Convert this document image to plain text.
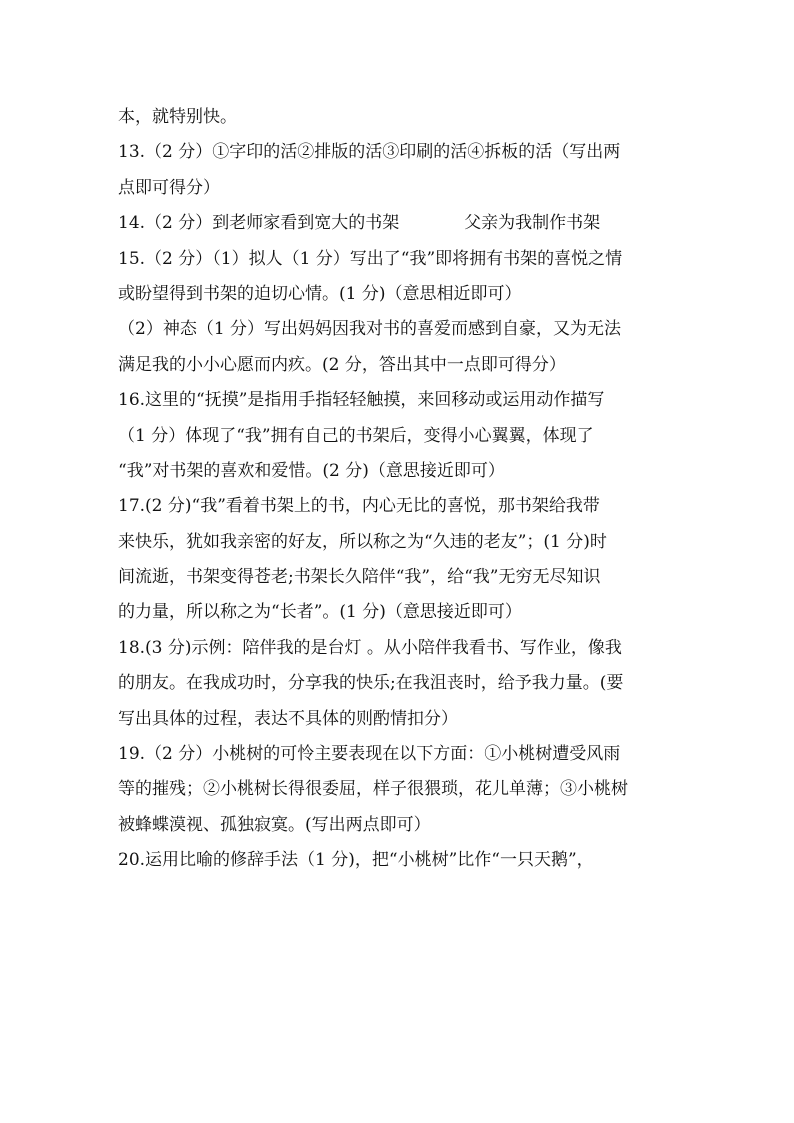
本，就特别快。
13.（2 分）①字印的活②排版的活③印刷的活④拆板的活（写出两
点即可得分）
14.（2 分）到老师家看到宽大的书架            父亲为我制作书架
15.（2 分）（1）拟人（1 分）写出了“我”即将拥有书架的喜悦之情
或盼望得到书架的迫切心情。(1 分)（意思相近即可）
（2）神态（1 分）写出妈妈因我对书的喜爱而感到自豪，又为无法
满足我的小小心愿而内疚。(2 分，答出其中一点即可得分）
16.这里的“抚摸”是指用手指轻轻触摸，来回移动或运用动作描写
（1 分）体现了“我”拥有自己的书架后，变得小心翼翼，体现了
“我”对书架的喜欢和爱惜。(2 分)（意思接近即可）
17.(2 分)“我”看着书架上的书，内心无比的喜悦，那书架给我带
来快乐，犹如我亲密的好友，所以称之为“久违的老友”；(1 分)时
间流逝，书架变得苍老;书架长久陪伴“我”，给“我”无穷无尽知识
的力量，所以称之为“长者”。(1 分)（意思接近即可）
18.(3 分)示例：陪伴我的是台灯 。从小陪伴我看书、写作业，像我
的朋友。在我成功时，分享我的快乐;在我沮丧时，给予我力量。(要
写出具体的过程，表达不具体的则酌情扣分）
19.（2 分）小桃树的可怜主要表现在以下方面：①小桃树遭受风雨
等的摧残；②小桃树长得很委屈，样子很猥琐，花儿单薄；③小桃树
被蜂蝶漠视、孤独寂寞。(写出两点即可）
20.运用比喻的修辞手法（1 分)，把“小桃树”比作“一只天鹅”，
